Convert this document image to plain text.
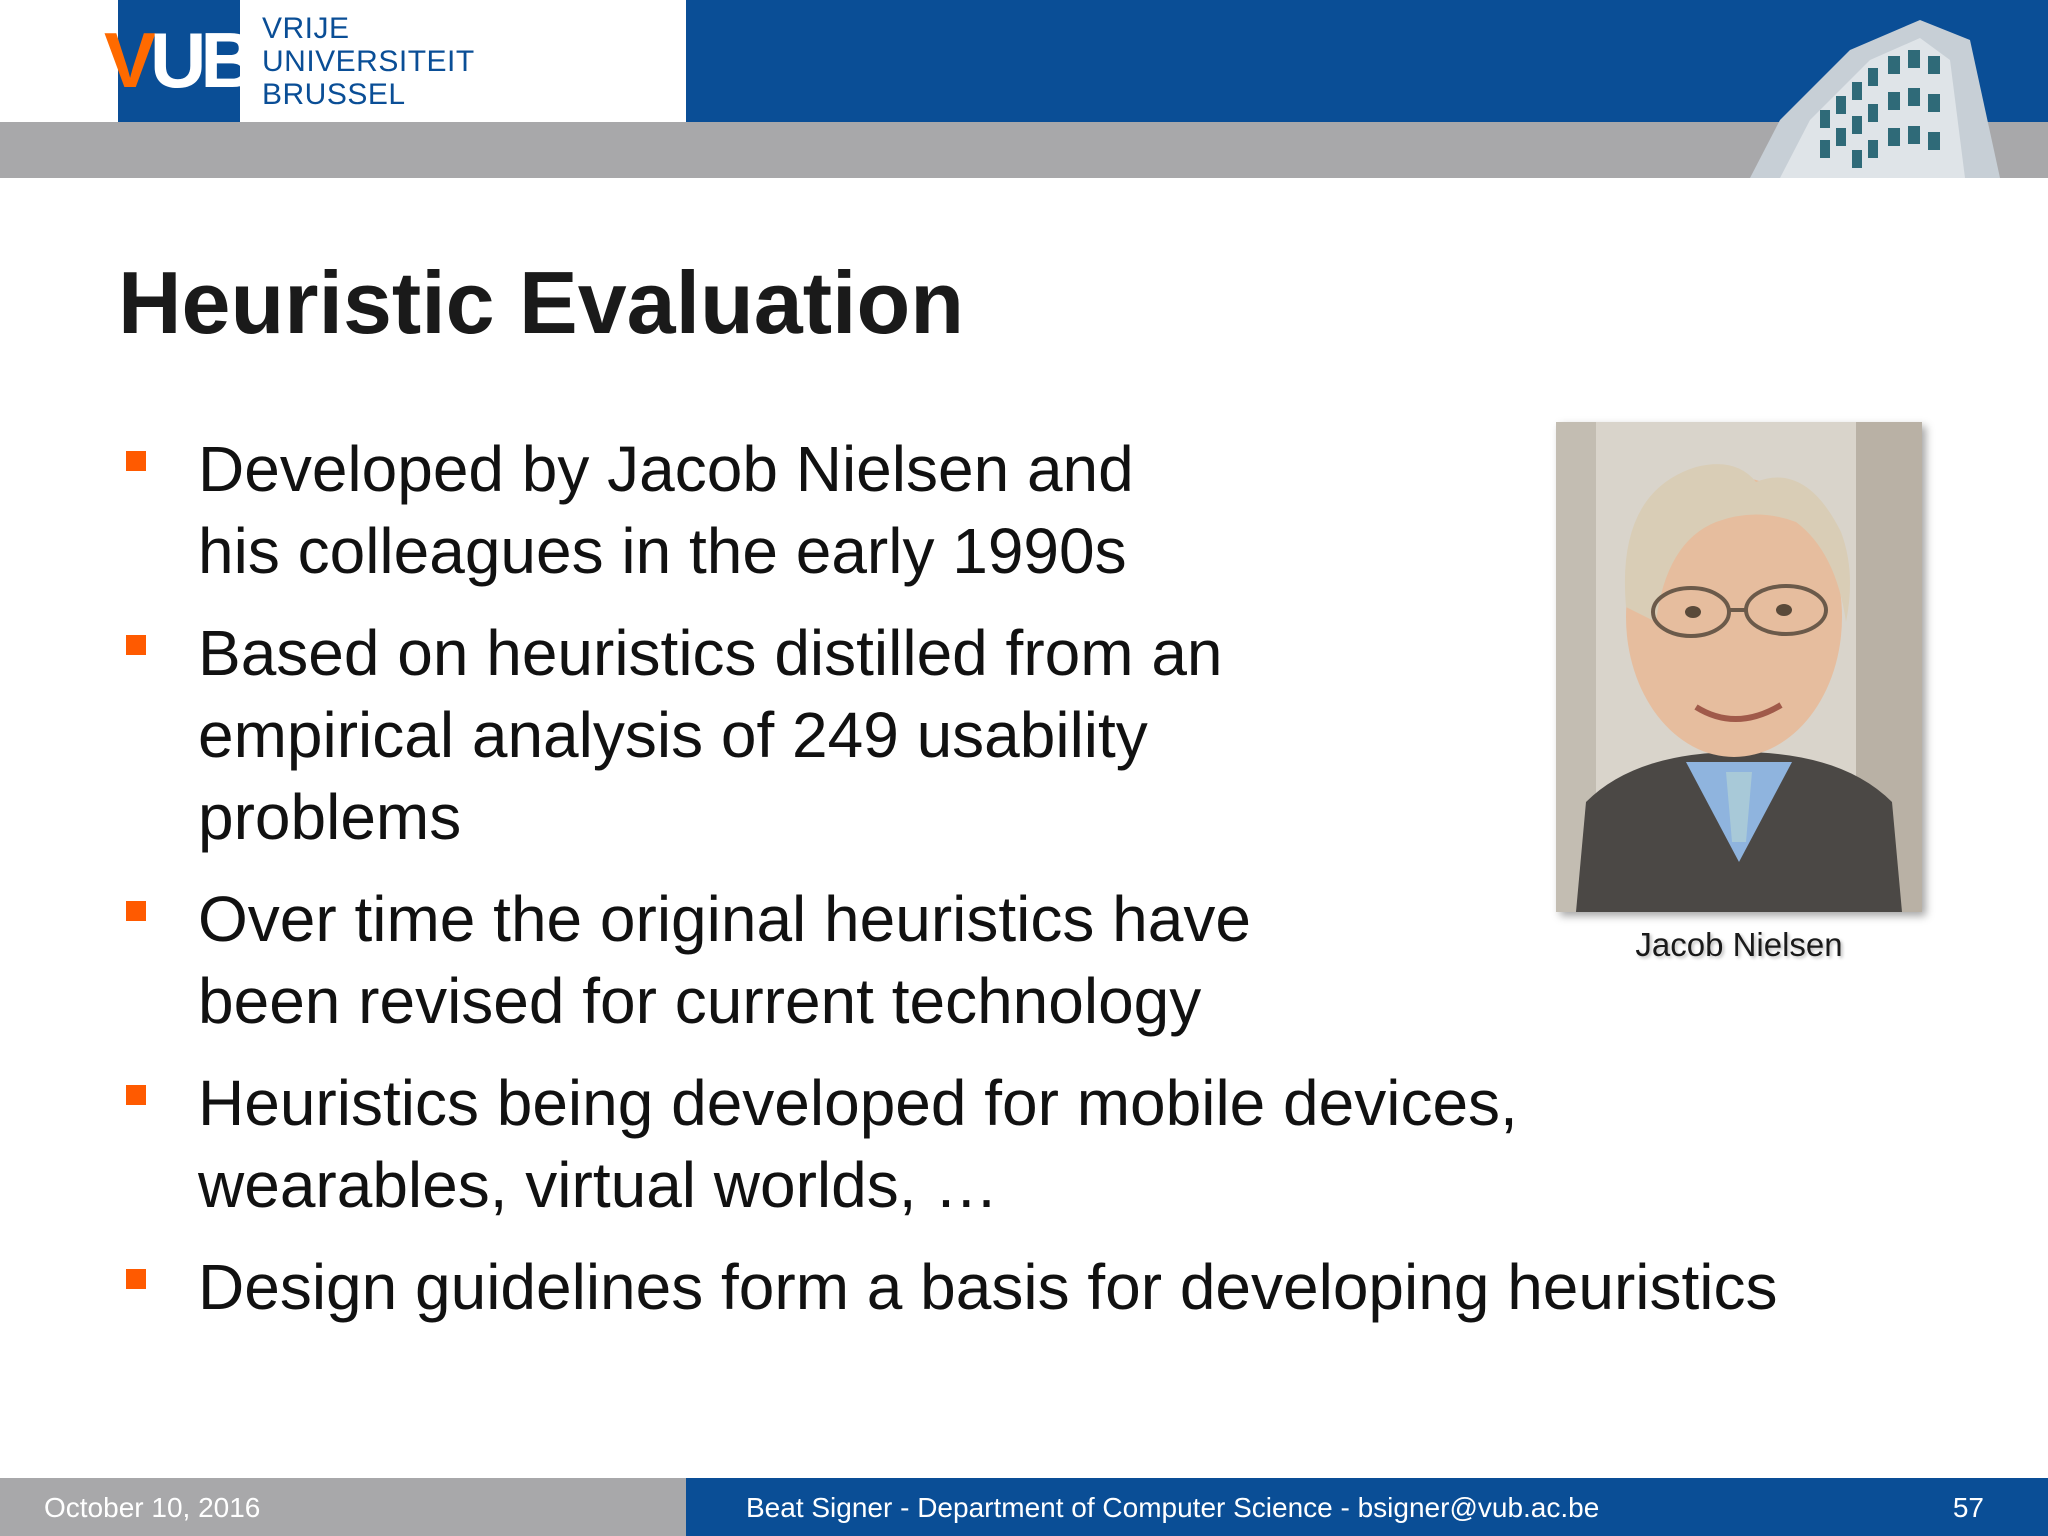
VUB VRIJE
UNIVERSITEIT
BRUSSEL
Heuristic Evaluation
Developed by Jacob Nielsen and
his colleagues in the early 1990s
Based on heuristics distilled from an
empirical analysis of 249 usability
problems
Over time the original heuristics have
been revised for current technology
Heuristics being developed for mobile devices,
wearables, virtual worlds, …
Design guidelines form a basis for developing heuristics
Jacob Nielsen
October 10, 2016	Beat Signer - Department of Computer Science - bsigner@vub.ac.be	57
